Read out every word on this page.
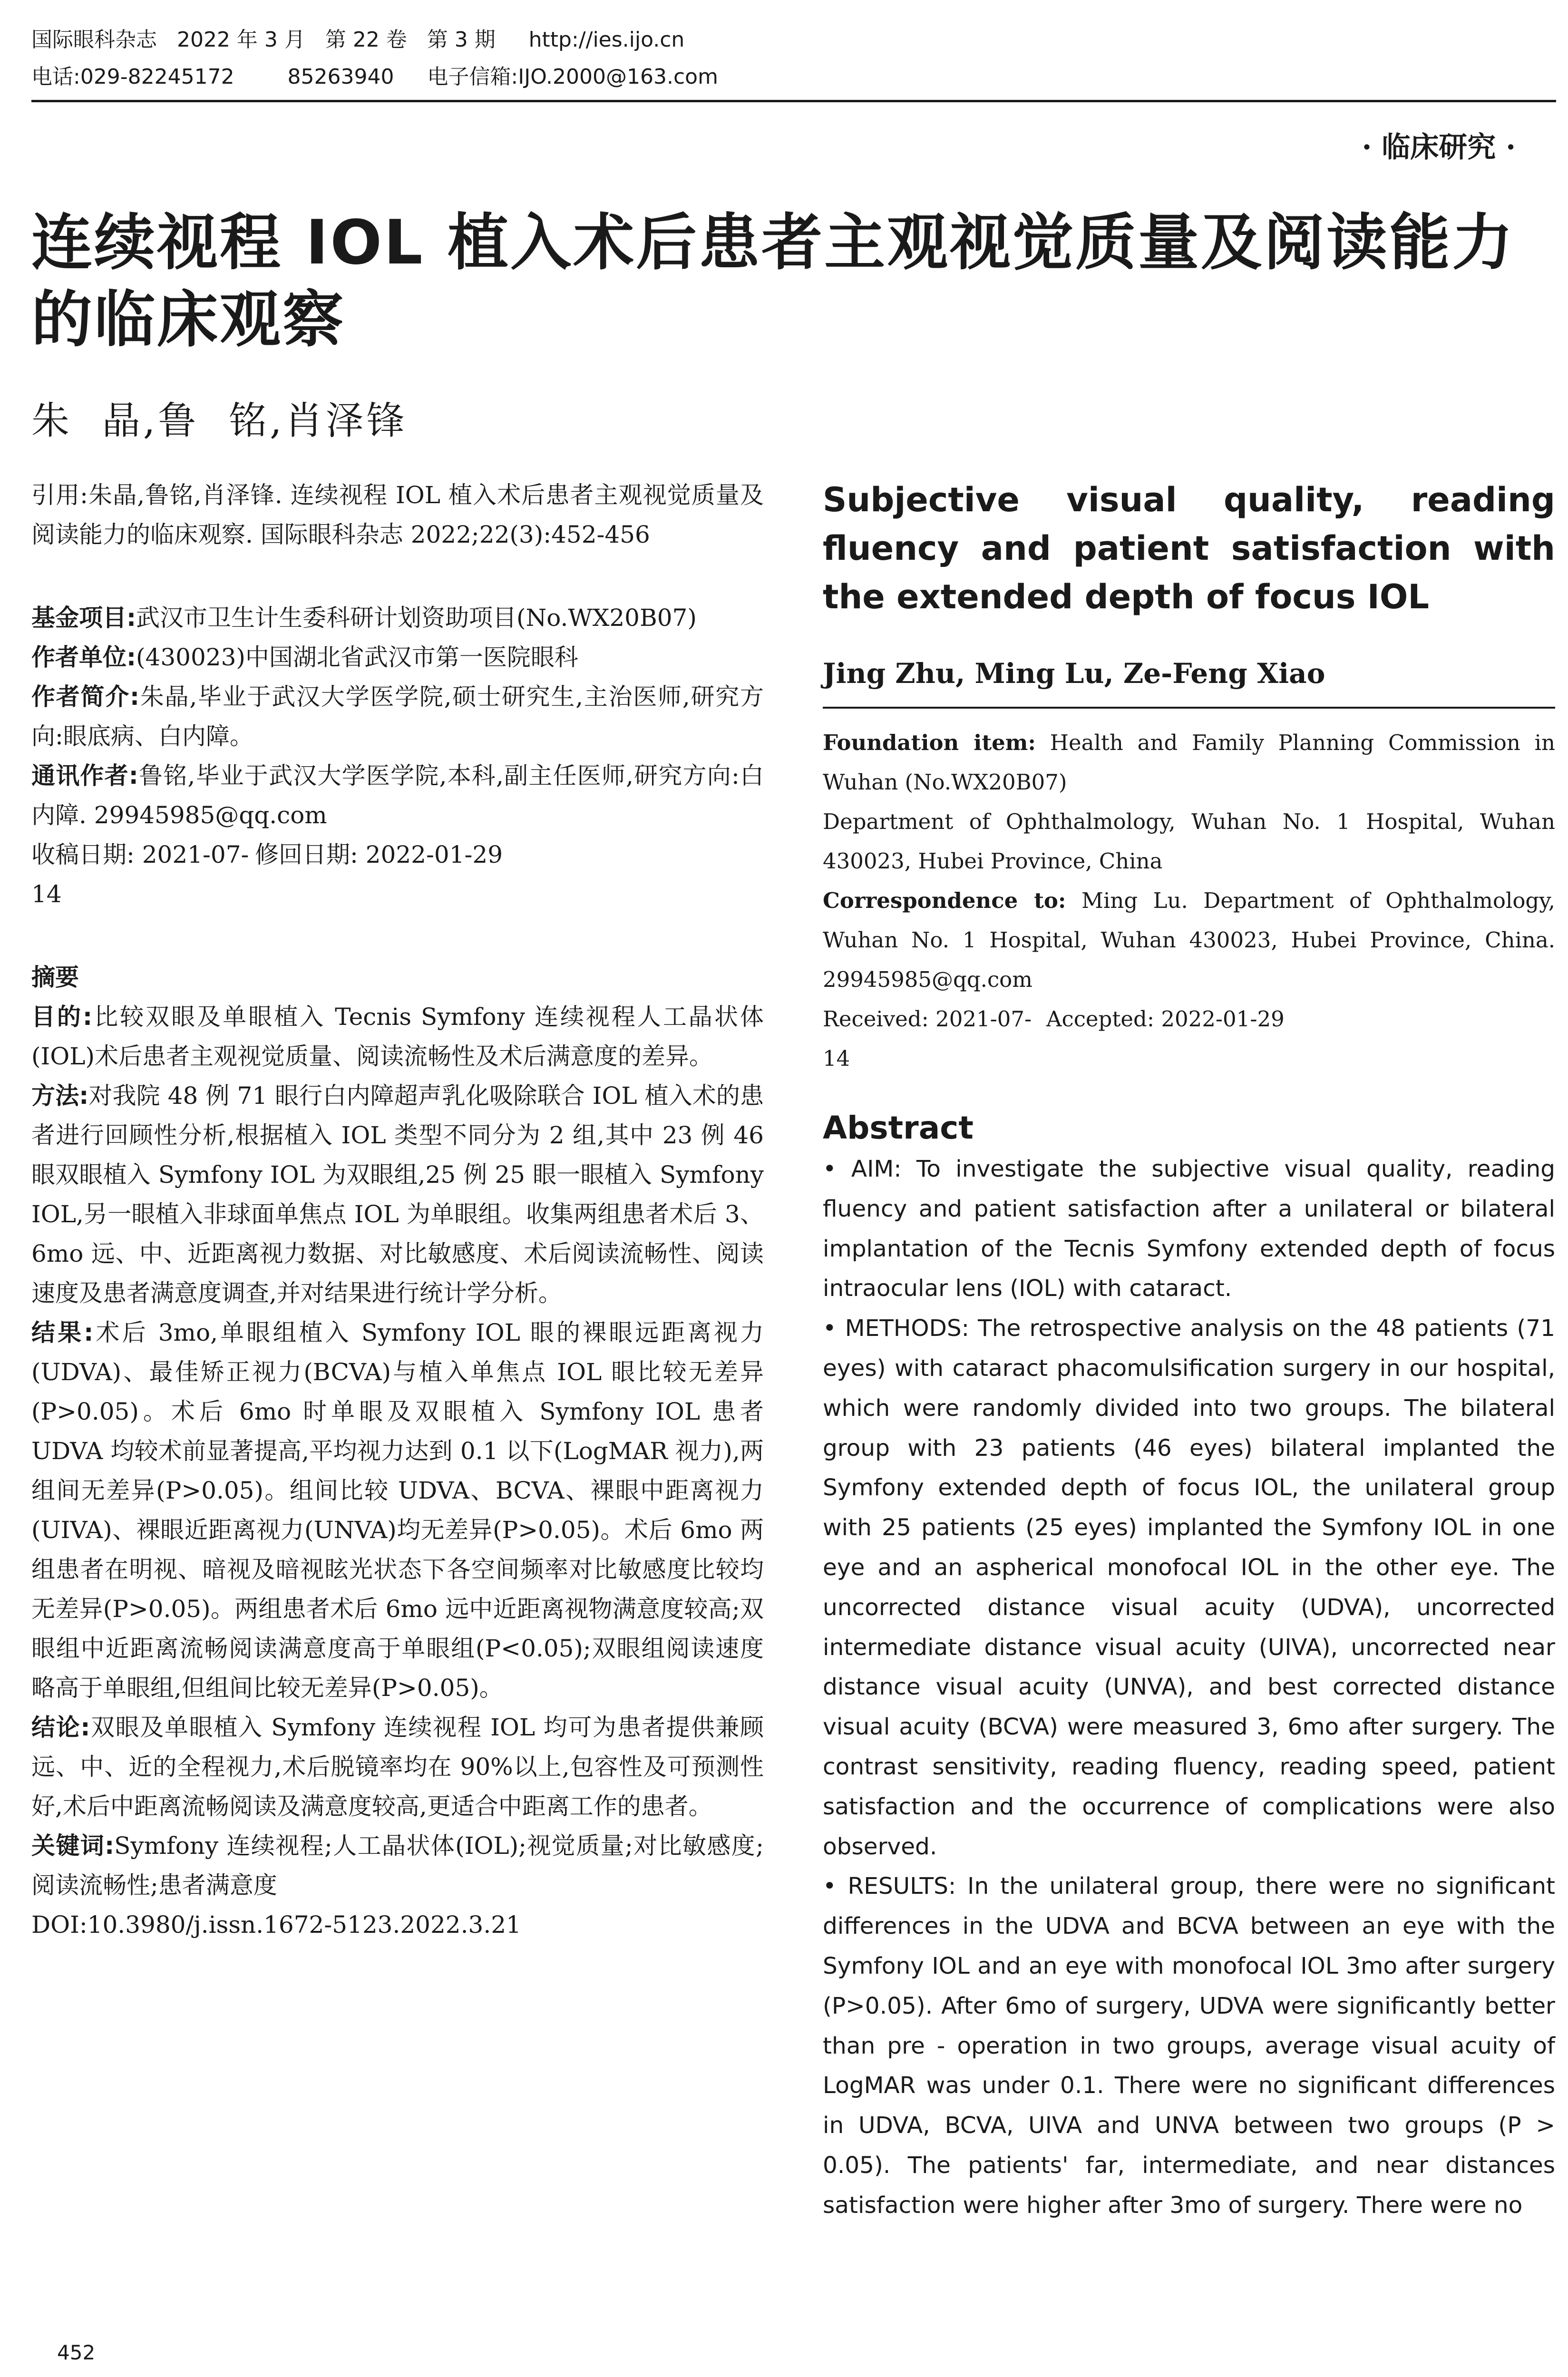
国际眼科杂志   2022 年 3 月   第 22 卷   第 3 期     http://ies.ijo.cn
电话:029-82245172        85263940     电子信箱:IJO.2000@163.com
· 临床研究 ·
连续视程 IOL 植入术后患者主观视觉质量及阅读能力的临床观察
朱  晶,鲁  铭,肖泽锋

引用:朱晶,鲁铭,肖泽锋. 连续视程 IOL 植入术后患者主观视觉质量及阅读能力的临床观察. 国际眼科杂志 2022;22(3):452-456

基金项目:武汉市卫生计生委科研计划资助项目(No.WX20B07)

作者单位:(430023)中国湖北省武汉市第一医院眼科

作者简介:朱晶,毕业于武汉大学医学院,硕士研究生,主治医师,研究方向:眼底病、白内障。

通讯作者:鲁铭,毕业于武汉大学医学院,本科,副主任医师,研究方向:白内障. 29945985@qq.com

收稿日期: 2021-07-14
修回日期: 2022-01-29

摘要

目的:比较双眼及单眼植入 Tecnis Symfony 连续视程人工晶状体(IOL)术后患者主观视觉质量、阅读流畅性及术后满意度的差异。

方法:对我院 48 例 71 眼行白内障超声乳化吸除联合 IOL 植入术的患者进行回顾性分析,根据植入 IOL 类型不同分为 2 组,其中 23 例 46 眼双眼植入 Symfony IOL 为双眼组,25 例 25 眼一眼植入 Symfony IOL,另一眼植入非球面单焦点 IOL 为单眼组。收集两组患者术后 3、6mo 远、中、近距离视力数据、对比敏感度、术后阅读流畅性、阅读速度及患者满意度调查,并对结果进行统计学分析。

结果:术后 3mo,单眼组植入 Symfony IOL 眼的裸眼远距离视力(UDVA)、最佳矫正视力(BCVA)与植入单焦点 IOL 眼比较无差异(P>0.05)。术后 6mo 时单眼及双眼植入 Symfony IOL 患者 UDVA 均较术前显著提高,平均视力达到 0.1 以下(LogMAR 视力),两组间无差异(P>0.05)。组间比较 UDVA、BCVA、裸眼中距离视力(UIVA)、裸眼近距离视力(UNVA)均无差异(P>0.05)。术后 6mo 两组患者在明视、暗视及暗视眩光状态下各空间频率对比敏感度比较均无差异(P>0.05)。两组患者术后 6mo 远中近距离视物满意度较高;双眼组中近距离流畅阅读满意度高于单眼组(P<0.05);双眼组阅读速度略高于单眼组,但组间比较无差异(P>0.05)。

结论:双眼及单眼植入 Symfony 连续视程 IOL 均可为患者提供兼顾远、中、近的全程视力,术后脱镜率均在 90%以上,包容性及可预测性好,术后中距离流畅阅读及满意度较高,更适合中距离工作的患者。

关键词:Symfony 连续视程;人工晶状体(IOL);视觉质量;对比敏感度;阅读流畅性;患者满意度

DOI:10.3980/j.issn.1672-5123.2022.3.21

Subjective visual quality, reading fluency and patient satisfaction with the extended depth of focus IOL

Jing Zhu, Ming Lu, Ze-Feng Xiao

Foundation item: Health and Family Planning Commission in Wuhan (No.WX20B07)

Department of Ophthalmology, Wuhan No. 1 Hospital, Wuhan 430023, Hubei Province, China

Correspondence to: Ming Lu. Department of Ophthalmology, Wuhan No. 1 Hospital, Wuhan 430023, Hubei Province, China. 29945985@qq.com

Received: 2021-07-14
Accepted: 2022-01-29

Abstract

• AIM: To investigate the subjective visual quality, reading fluency and patient satisfaction after a unilateral or bilateral implantation of the Tecnis Symfony extended depth of focus intraocular lens (IOL) with cataract.

• METHODS: The retrospective analysis on the 48 patients (71 eyes) with cataract phacomulsification surgery in our hospital, which were randomly divided into two groups. The bilateral group with 23 patients (46 eyes) bilateral implanted the Symfony extended depth of focus IOL, the unilateral group with 25 patients (25 eyes) implanted the Symfony IOL in one eye and an aspherical monofocal IOL in the other eye. The uncorrected distance visual acuity (UDVA), uncorrected intermediate distance visual acuity (UIVA), uncorrected near distance visual acuity (UNVA), and best corrected distance visual acuity (BCVA) were measured 3, 6mo after surgery. The contrast sensitivity, reading fluency, reading speed, patient satisfaction and the occurrence of complications were also observed.

• RESULTS: In the unilateral group, there were no significant differences in the UDVA and BCVA between an eye with the Symfony IOL and an eye with monofocal IOL 3mo after surgery (P>0.05). After 6mo of surgery, UDVA were significantly better than pre - operation in two groups, average visual acuity of LogMAR was under 0.1. There were no significant differences in UDVA, BCVA, UIVA and UNVA between two groups (P > 0.05). The patients' far, intermediate, and near distances satisfaction were higher after 3mo of surgery. There were no

452
